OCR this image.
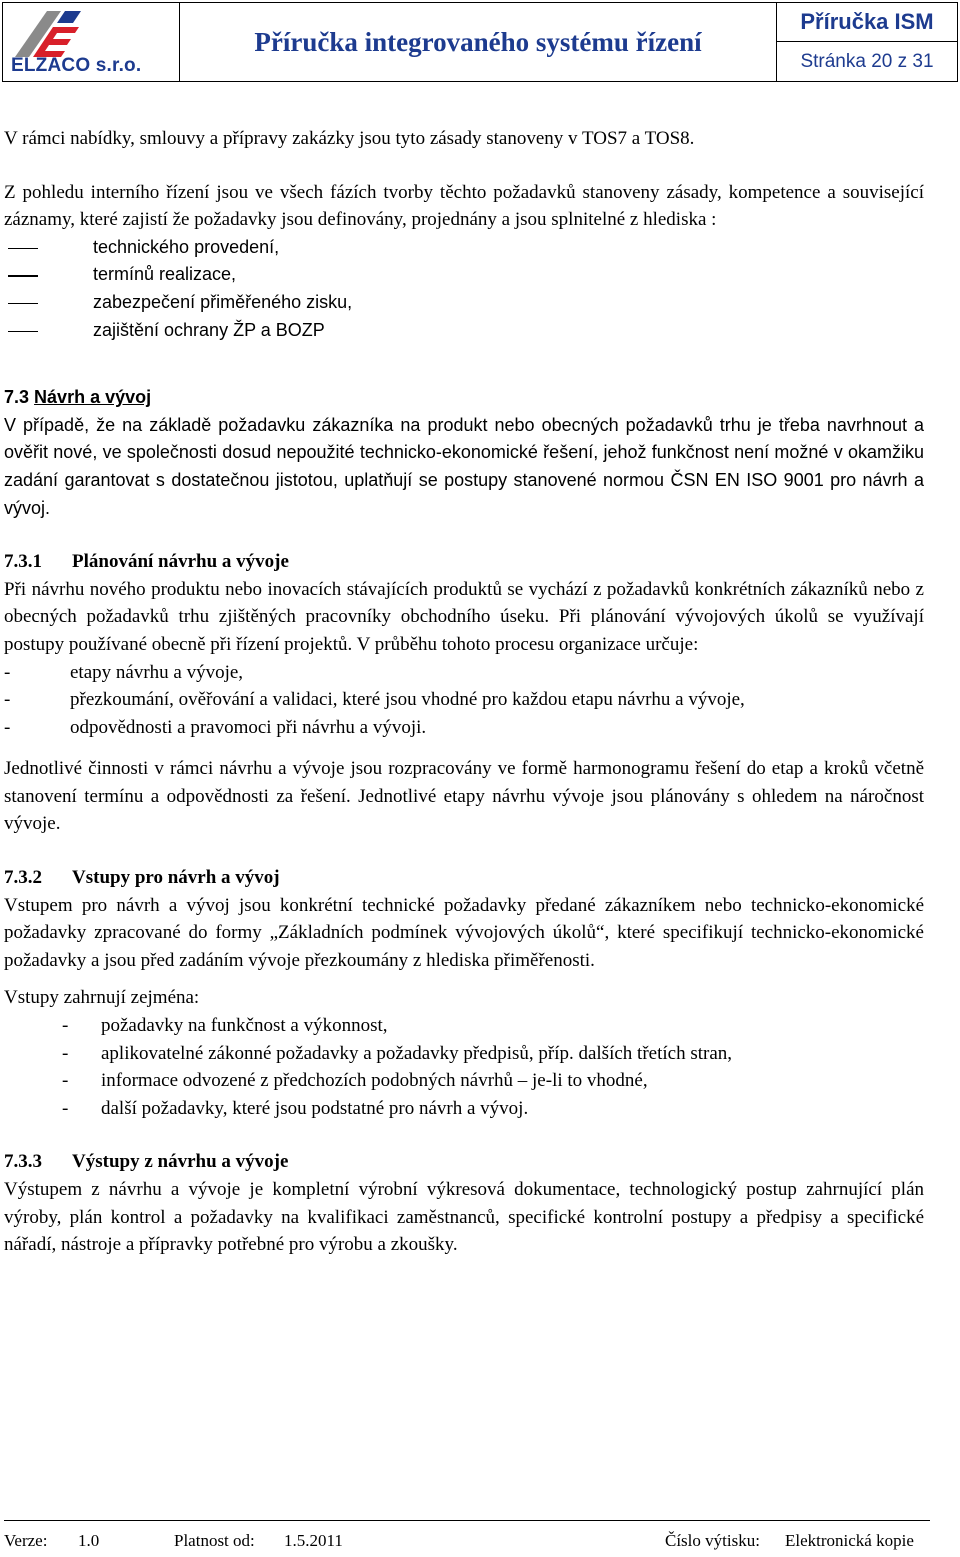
ELZACO s.r.o.
Příručka integrovaného systému řízení
Příručka ISM
Stránka 20 z 31

V rámci nabídky, smlouvy a přípravy zakázky jsou tyto zásady stanoveny v TOS7 a TOS8.

Z pohledu interního řízení jsou ve všech fázích tvorby těchto požadavků stanoveny zásady, kompetence a související záznamy, které zajistí že požadavky jsou definovány, projednány a jsou splnitelné z hlediska :

technického provedení,
termínů realizace,
zabezpečení přiměřeného zisku,
zajištění ochrany ŽP a BOZP

7.3 Návrh a vývoj

V případě, že na základě požadavku zákazníka na produkt nebo obecných požadavků trhu je třeba navrhnout a ověřit nové, ve společnosti dosud nepoužité technicko-ekonomické řešení, jehož funkčnost není možné v okamžiku zadání garantovat s dostatečnou jistotou, uplatňují se postupy stanovené normou ČSN EN ISO 9001 pro návrh a vývoj.

7.3.1 Plánování návrhu a vývoje

Při návrhu nového produktu nebo inovacích stávajících produktů se vychází z požadavků konkrétních zákazníků nebo z obecných požadavků trhu zjištěných pracovníky obchodního úseku. Při plánování vývojových úkolů se využívají postupy používané obecně při řízení projektů. V průběhu tohoto procesu organizace určuje:

-	etapy návrhu a vývoje,
-	přezkoumání, ověřování a validaci, které jsou vhodné pro každou etapu návrhu a vývoje,
-	odpovědnosti a pravomoci při návrhu a vývoji.

Jednotlivé činnosti v rámci návrhu a vývoje jsou rozpracovány ve formě harmonogramu řešení do etap a kroků včetně stanovení termínu a odpovědnosti za řešení. Jednotlivé etapy návrhu vývoje jsou plánovány s ohledem na náročnost vývoje.

7.3.2 Vstupy pro návrh a vývoj

Vstupem pro návrh a vývoj jsou konkrétní technické požadavky předané zákazníkem nebo technicko-ekonomické požadavky zpracované do formy „Základních podmínek vývojových úkolů“, které specifikují technicko-ekonomické požadavky a jsou před zadáním vývoje přezkoumány z hlediska přiměřenosti.

Vstupy zahrnují zejména:

- požadavky na funkčnost a výkonnost,
- aplikovatelné zákonné požadavky a požadavky předpisů, příp. dalších třetích stran,
- informace odvozené z předchozích podobných návrhů – je-li to vhodné,
- další požadavky, které jsou podstatné pro návrh a vývoj.

7.3.3 Výstupy z návrhu a vývoje

Výstupem z návrhu a vývoje je kompletní výrobní výkresová dokumentace, technologický postup zahrnující plán výroby, plán kontrol a požadavky na kvalifikaci zaměstnanců, specifické kontrolní postupy a předpisy a specifické nářadí, nástroje a přípravky potřebné pro výrobu a zkoušky.

Verze:	1.0	Platnost od:	1.5.2011	Číslo výtisku:	Elektronická kopie
